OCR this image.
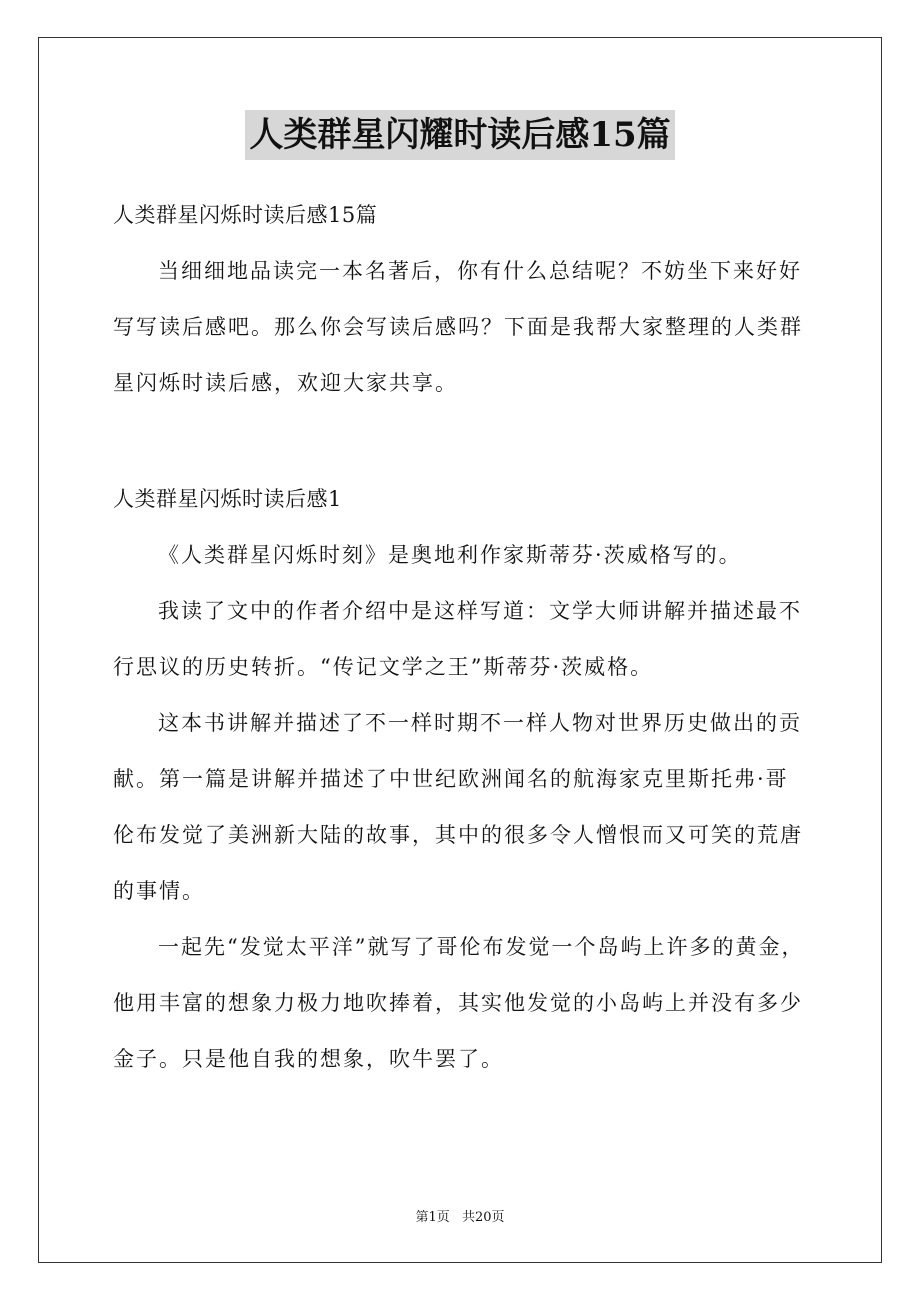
人类群星闪耀时读后感15篇
人类群星闪烁时读后感15篇
当细细地品读完一本名著后，你有什么总结呢？不妨坐下来好好
写写读后感吧。那么你会写读后感吗？下面是我帮大家整理的人类群
星闪烁时读后感，欢迎大家共享。
人类群星闪烁时读后感1
《人类群星闪烁时刻》是奥地利作家斯蒂芬·茨威格写的。
我读了文中的作者介绍中是这样写道：文学大师讲解并描述最不
行思议的历史转折。“传记文学之王”斯蒂芬·茨威格。
这本书讲解并描述了不一样时期不一样人物对世界历史做出的贡
献。第一篇是讲解并描述了中世纪欧洲闻名的航海家克里斯托弗·哥
伦布发觉了美洲新大陆的故事，其中的很多令人憎恨而又可笑的荒唐
的事情。
一起先“发觉太平洋”就写了哥伦布发觉一个岛屿上许多的黄金，
他用丰富的想象力极力地吹捧着，其实他发觉的小岛屿上并没有多少
金子。只是他自我的想象，吹牛罢了。
第1页 共20页
